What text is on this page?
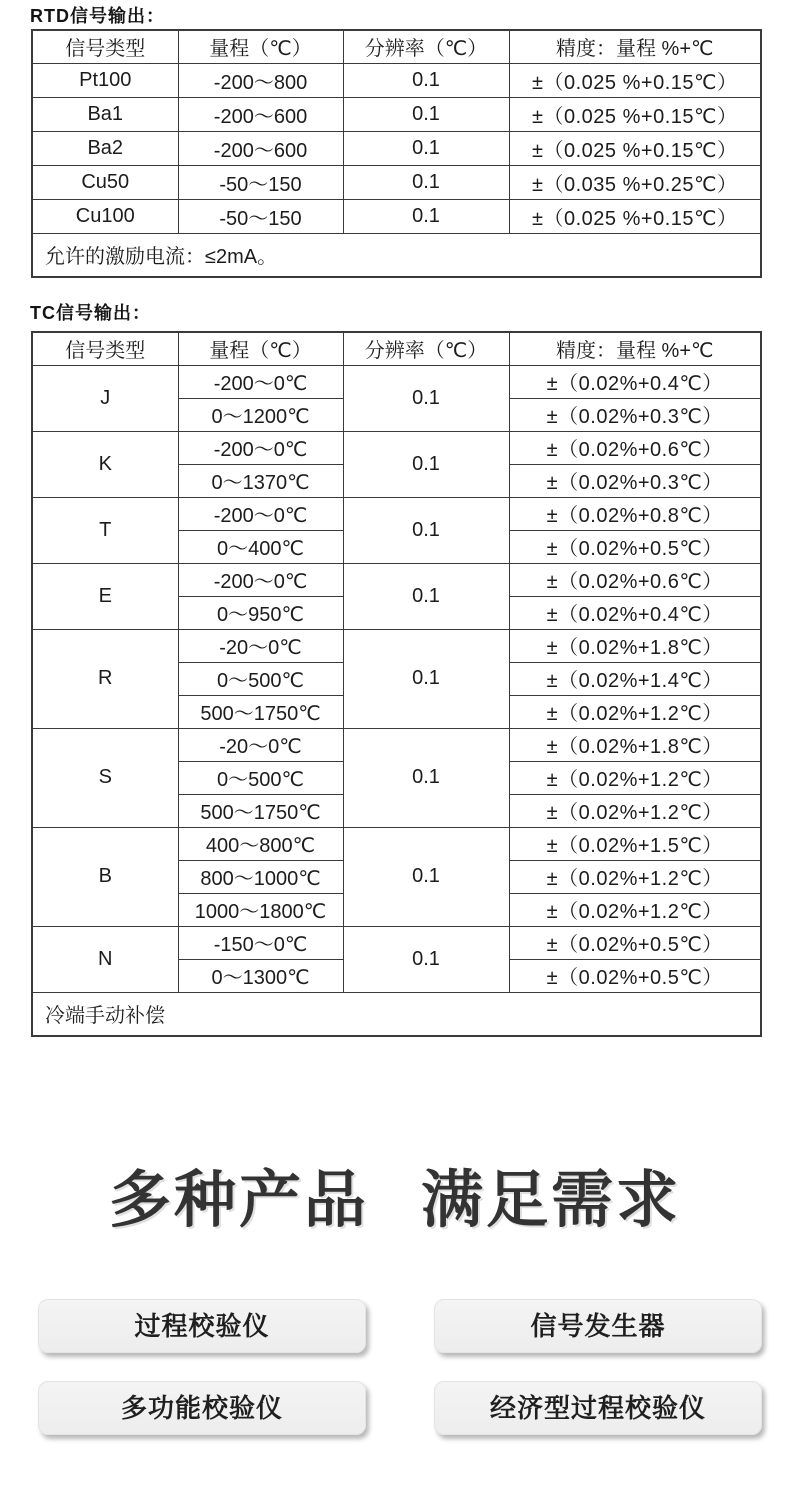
RTD信号输出：
信号类型	量程（℃）	分辨率（℃）	精度：量程 %+℃
Pt100	-200～800	0.1	±（0.025 %+0.15℃）
Ba1	-200～600	0.1	±（0.025 %+0.15℃）
Ba2	-200～600	0.1	±（0.025 %+0.15℃）
Cu50	-50～150	0.1	±（0.035 %+0.25℃）
Cu100	-50～150	0.1	±（0.025 %+0.15℃）
允许的激励电流：≤2mA。			
TC信号输出：
信号类型	量程（℃）	分辨率（℃）	精度：量程 %+℃
J	-200～0℃	0.1	±（0.02%+0.4℃）
	0～1200℃		±（0.02%+0.3℃）
K	-200～0℃	0.1	±（0.02%+0.6℃）
	0～1370℃		±（0.02%+0.3℃）
T	-200～0℃	0.1	±（0.02%+0.8℃）
	0～400℃		±（0.02%+0.5℃）
E	-200～0℃	0.1	±（0.02%+0.6℃）
	0～950℃		±（0.02%+0.4℃）
R	-20～0℃	0.1	±（0.02%+1.8℃）
	0～500℃		±（0.02%+1.4℃）
	500～1750℃		±（0.02%+1.2℃）
S	-20～0℃	0.1	±（0.02%+1.8℃）
	0～500℃		±（0.02%+1.2℃）
	500～1750℃		±（0.02%+1.2℃）
B	400～800℃	0.1	±（0.02%+1.5℃）
	800～1000℃		±（0.02%+1.2℃）
	1000～1800℃		±（0.02%+1.2℃）
N	-150～0℃	0.1	±（0.02%+0.5℃）
	0～1300℃		±（0.02%+0.5℃）
冷端手动补偿			
多种产品 满足需求
过程校验仪	信号发生器
多功能校验仪	经济型过程校验仪
